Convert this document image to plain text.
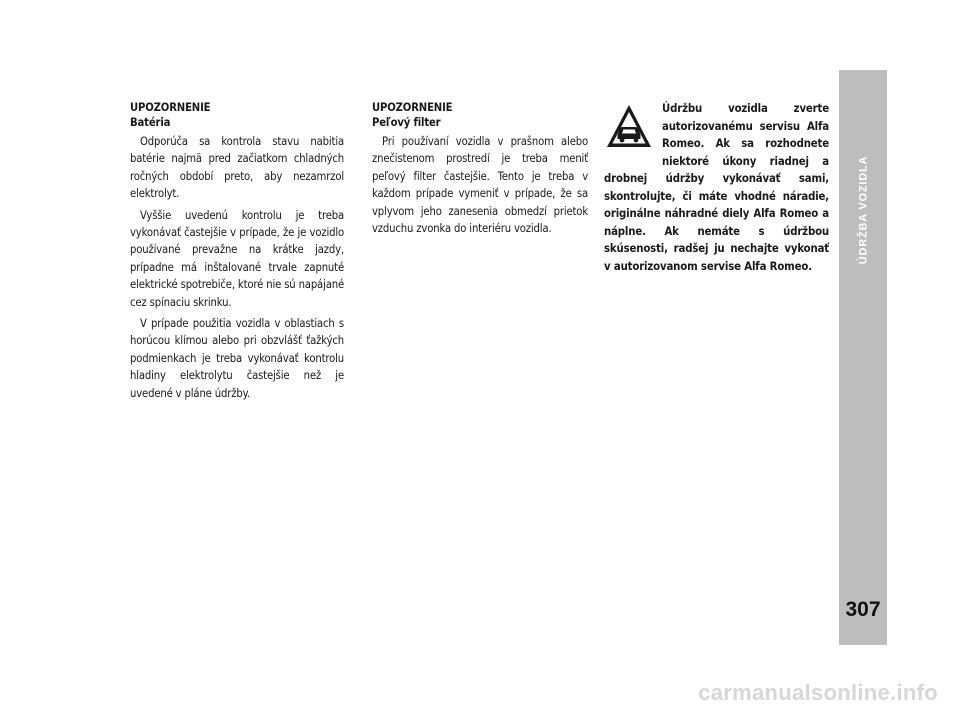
UPOZORNENIE

Batéria

Odporúča sa kontrola stavu nabitia batérie najmä pred začiatkom chladných ročných období preto, aby nezamrzol elektrolyt.

Vyššie uvedenú kontrolu je treba vykonávať častejšie v prípade, že je vozidlo používané prevažne na krátke jazdy, prípadne má inštalované trvale zapnuté elektrické spotrebiče, ktoré nie sú napájané cez spínaciu skrinku.

V prípade použitia vozidla v oblastiach s horúcou klímou alebo pri obzvlášť ťažkých podmienkach je treba vykonávať kontrolu hladiny elektrolytu častejšie než je uvedené v pláne údržby.

UPOZORNENIE

Peľový filter

Pri používaní vozidla v prašnom alebo znečistenom prostredí je treba meniť peľový filter častejšie. Tento je treba v každom prípade vymeniť v prípade, že sa vplyvom jeho zanesenia obmedzí prietok vzduchu zvonka do interiéru vozidla.

Údržbu vozidla zverte autorizovanému servisu Alfa Romeo. Ak sa rozhodnete niektoré úkony riadnej a drobnej údržby vykonávať sami, skontrolujte, či máte vhodné náradie, originálne náhradné diely Alfa Romeo a náplne. Ak nemáte s údržbou skúsenosti, radšej ju nechajte vykonať v autorizovanom servise Alfa Romeo.

ÚDRŽBA VOZIDLA
307
carmanualsonline.info
